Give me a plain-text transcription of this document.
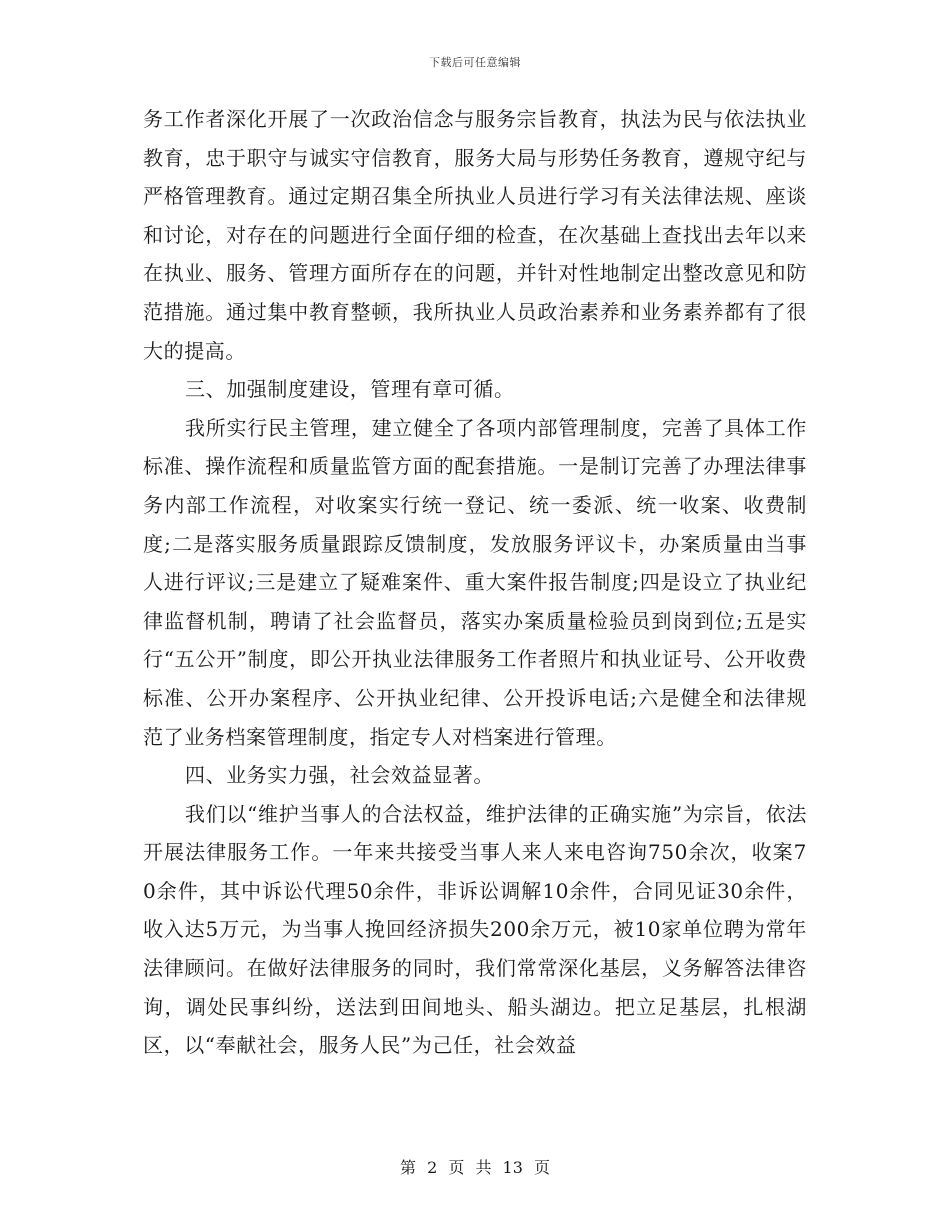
下载后可任意编辑

务工作者深化开展了一次政治信念与服务宗旨教育，执法为民与依法执业教育，忠于职守与诚实守信教育，服务大局与形势任务教育，遵规守纪与严格管理教育。通过定期召集全所执业人员进行学习有关法律法规、座谈和讨论，对存在的问题进行全面仔细的检查，在次基础上查找出去年以来在执业、服务、管理方面所存在的问题，并针对性地制定出整改意见和防范措施。通过集中教育整顿，我所执业人员政治素养和业务素养都有了很大的提高。

三、加强制度建设，管理有章可循。

我所实行民主管理，建立健全了各项内部管理制度，完善了具体工作标准、操作流程和质量监管方面的配套措施。一是制订完善了办理法律事务内部工作流程，对收案实行统一登记、统一委派、统一收案、收费制度;二是落实服务质量跟踪反馈制度，发放服务评议卡，办案质量由当事人进行评议;三是建立了疑难案件、重大案件报告制度;四是设立了执业纪律监督机制，聘请了社会监督员，落实办案质量检验员到岗到位;五是实行“五公开”制度，即公开执业法律服务工作者照片和执业证号、公开收费标准、公开办案程序、公开执业纪律、公开投诉电话;六是健全和法律规范了业务档案管理制度，指定专人对档案进行管理。

四、业务实力强，社会效益显著。

我们以“维护当事人的合法权益，维护法律的正确实施”为宗旨，依法开展法律服务工作。一年来共接受当事人来人来电咨询750余次，收案70余件，其中诉讼代理50余件，非诉讼调解10余件，合同见证30余件，收入达5万元，为当事人挽回经济损失200余万元，被10家单位聘为常年法律顾问。在做好法律服务的同时，我们常常深化基层，义务解答法律咨询，调处民事纠纷，送法到田间地头、船头湖边。把立足基层，扎根湖区，以“奉献社会，服务人民”为己任，社会效益

第 2 页 共 13 页
